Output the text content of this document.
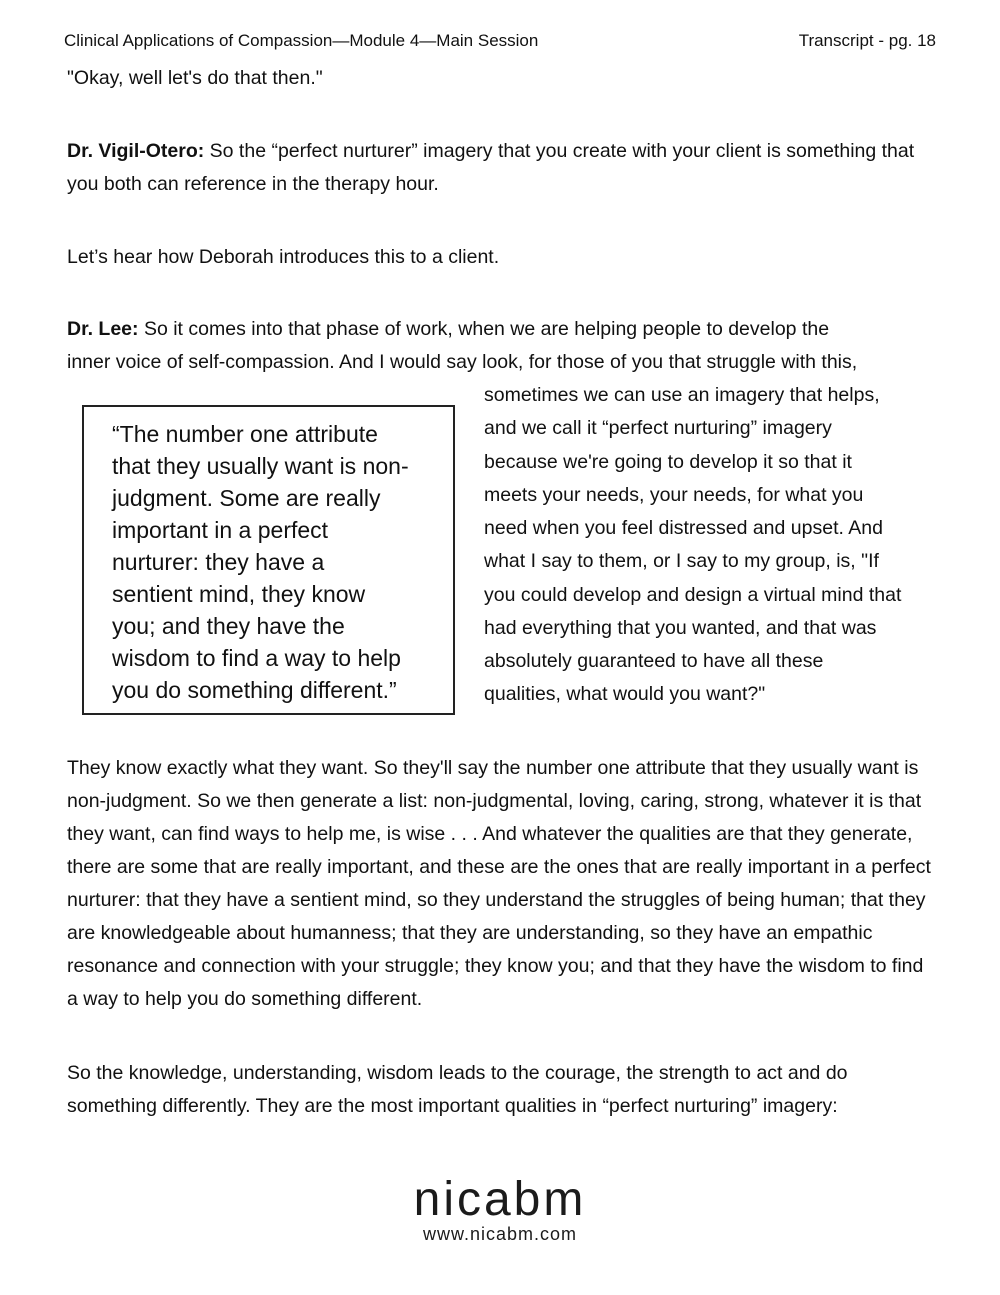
Clinical Applications of Compassion—Module 4—Main Session	Transcript - pg. 18

"Okay, well let's do that then."

Dr. Vigil-Otero: So the “perfect nurturer” imagery that you create with your client is something that you both can reference in the therapy hour.

Let’s hear how Deborah introduces this to a client.

Dr. Lee: So it comes into that phase of work, when we are helping people to develop the

inner voice of self-compassion. And I would say look, for those of you that struggle with this,

sometimes we can use an imagery that helps,

and we call it “perfect nurturing” imagery

because we're going to develop it so that it

meets your needs, your needs, for what you

need when you feel distressed and upset. And

what I say to them, or I say to my group, is, "If

you could develop and design a virtual mind that

had everything that you wanted, and that was

absolutely guaranteed to have all these

qualities, what would you want?"

“The number one attribute
that they usually want is non-
judgment. Some are really
important in a perfect
nurturer: they have a
sentient mind, they know
you; and they have the
wisdom to find a way to help
you do something different.”

They know exactly what they want. So they'll say the number one attribute that they usually want is non-judgment. So we then generate a list: non-judgmental, loving, caring, strong, whatever it is that they want, can find ways to help me, is wise . . . And whatever the qualities are that they generate, there are some that are really important, and these are the ones that are really important in a perfect nurturer: that they have a sentient mind, so they understand the struggles of being human; that they are knowledgeable about humanness; that they are understanding, so they have an empathic resonance and connection with your struggle; they know you; and that they have the wisdom to find a way to help you do something different.

So the knowledge, understanding, wisdom leads to the courage, the strength to act and do something differently. They are the most important qualities in “perfect nurturing” imagery:

nicabm
www.nicabm.com
